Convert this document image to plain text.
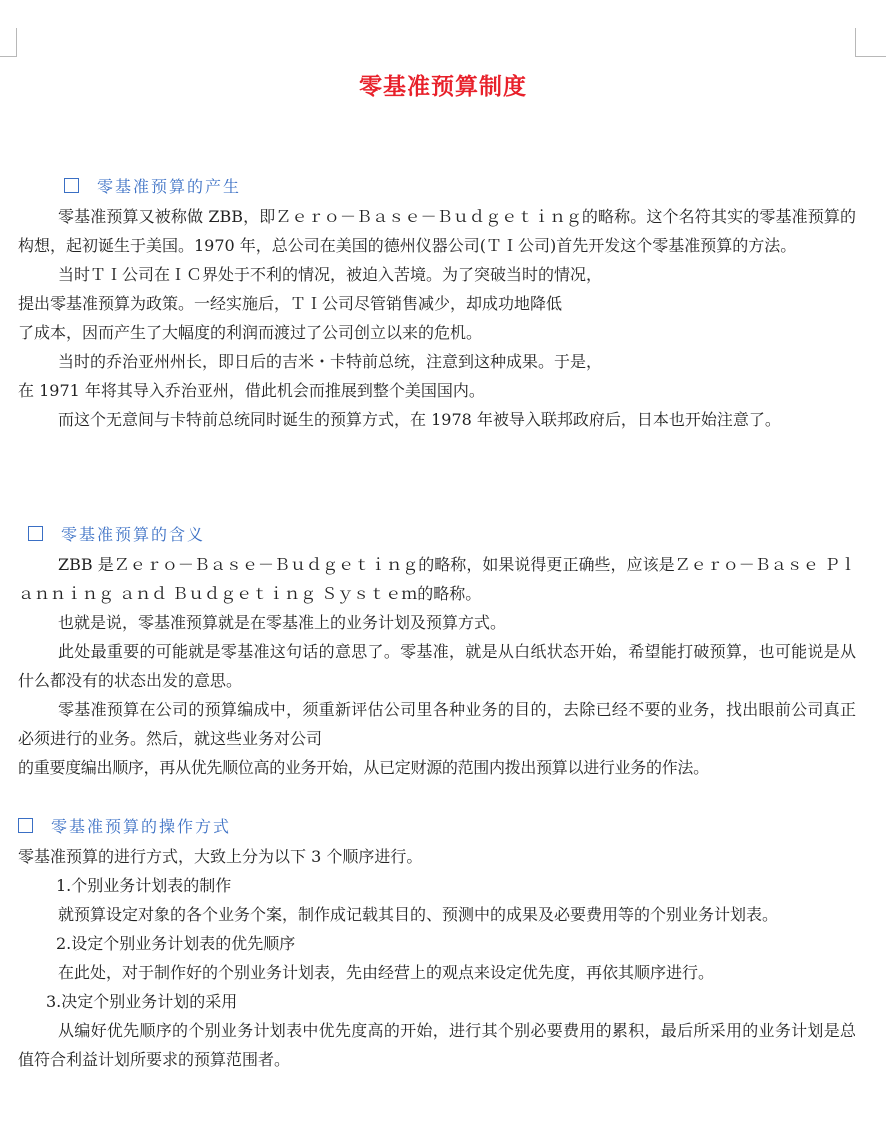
零基准预算制度
零基准预算的产生

零基准预算又被称做 ZBB，即Ｚｅｒｏ－Ｂａｓｅ－Ｂｕｄｇｅｔｉｎｇ的略称。这个名符其实的零基准预算的构想，起初诞生于美国。1970 年，总公司在美国的德州仪器公司(ＴＩ公司)首先开发这个零基准预算的方法。

当时ＴＩ公司在ＩＣ界处于不利的情况，被迫入苦境。为了突破当时的情况，

提出零基准预算为政策。一经实施后，ＴＩ公司尽管销售减少，却成功地降低

了成本，因而产生了大幅度的利润而渡过了公司创立以来的危机。

当时的乔治亚州州长，即日后的吉米・卡特前总统，注意到这种成果。于是，

在 1971 年将其导入乔治亚州，借此机会而推展到整个美国国内。

而这个无意间与卡特前总统同时诞生的预算方式，在 1978 年被导入联邦政府后，日本也开始注意了。

零基准预算的含义

ZBB 是Ｚｅｒｏ－Ｂａｓｅ－Ｂｕｄｇｅｔｉｎｇ的略称，如果说得更正确些，应该是Ｚｅｒｏ－Ｂａｓｅ Ｐｌａｎｎｉｎｇ ａｎｄ Ｂｕｄｇｅｔｉｎｇ Ｓｙｓｔｅｍ的略称。

也就是说，零基准预算就是在零基准上的业务计划及预算方式。

此处最重要的可能就是零基准这句话的意思了。零基准，就是从白纸状态开始，希望能打破预算，也可能说是从什么都没有的状态出发的意思。

零基准预算在公司的预算编成中，须重新评估公司里各种业务的目的，去除已经不要的业务，找出眼前公司真正必须进行的业务。然后，就这些业务对公司

的重要度编出顺序，再从优先顺位高的业务开始，从已定财源的范围内拨出预算以进行业务的作法。

零基准预算的操作方式

零基准预算的进行方式，大致上分为以下 3 个顺序进行。

1.个别业务计划表的制作

就预算设定对象的各个业务个案，制作成记载其目的、预测中的成果及必要费用等的个别业务计划表。

2.设定个别业务计划表的优先顺序

在此处，对于制作好的个别业务计划表，先由经营上的观点来设定优先度，再依其顺序进行。

3.决定个别业务计划的采用

从编好优先顺序的个别业务计划表中优先度高的开始，进行其个别必要费用的累积，最后所采用的业务计划是总值符合利益计划所要求的预算范围者。
